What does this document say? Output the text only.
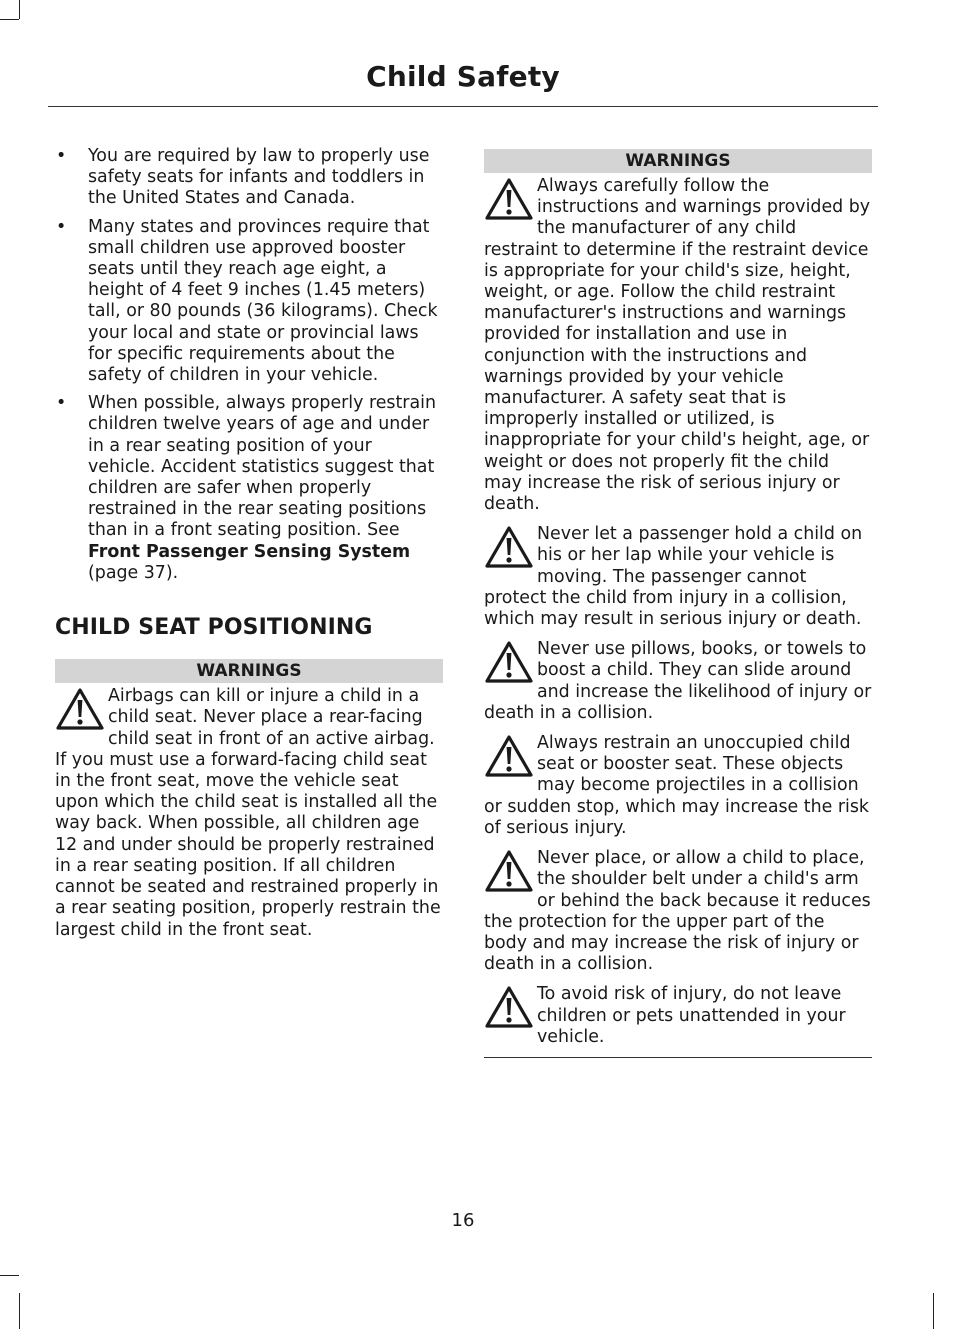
Child Safety
• You are required by law to properly use safety seats for infants and toddlers in the United States and Canada.
• Many states and provinces require that small children use approved booster seats until they reach age eight, a height of 4 feet 9 inches (1.45 meters) tall, or 80 pounds (36 kilograms). Check your local and state or provincial laws for specific requirements about the safety of children in your vehicle.
• When possible, always properly restrain children twelve years of age and under in a rear seating position of your vehicle. Accident statistics suggest that children are safer when properly restrained in the rear seating positions than in a front seating position. See Front Passenger Sensing System (page 37).
CHILD SEAT POSITIONING
WARNINGS
Airbags can kill or injure a child in a child seat. Never place a rear-facing child seat in front of an active airbag. If you must use a forward-facing child seat in the front seat, move the vehicle seat upon which the child seat is installed all the way back. When possible, all children age 12 and under should be properly restrained in a rear seating position. If all children cannot be seated and restrained properly in a rear seating position, properly restrain the largest child in the front seat.
WARNINGS
Always carefully follow the instructions and warnings provided by the manufacturer of any child restraint to determine if the restraint device is appropriate for your child's size, height, weight, or age. Follow the child restraint manufacturer's instructions and warnings provided for installation and use in conjunction with the instructions and warnings provided by your vehicle manufacturer. A safety seat that is improperly installed or utilized, is inappropriate for your child's height, age, or weight or does not properly fit the child may increase the risk of serious injury or death.
Never let a passenger hold a child on his or her lap while your vehicle is moving. The passenger cannot protect the child from injury in a collision, which may result in serious injury or death.
Never use pillows, books, or towels to boost a child. They can slide around and increase the likelihood of injury or death in a collision.
Always restrain an unoccupied child seat or booster seat. These objects may become projectiles in a collision or sudden stop, which may increase the risk of serious injury.
Never place, or allow a child to place, the shoulder belt under a child's arm or behind the back because it reduces the protection for the upper part of the body and may increase the risk of injury or death in a collision.
To avoid risk of injury, do not leave children or pets unattended in your vehicle.
16
